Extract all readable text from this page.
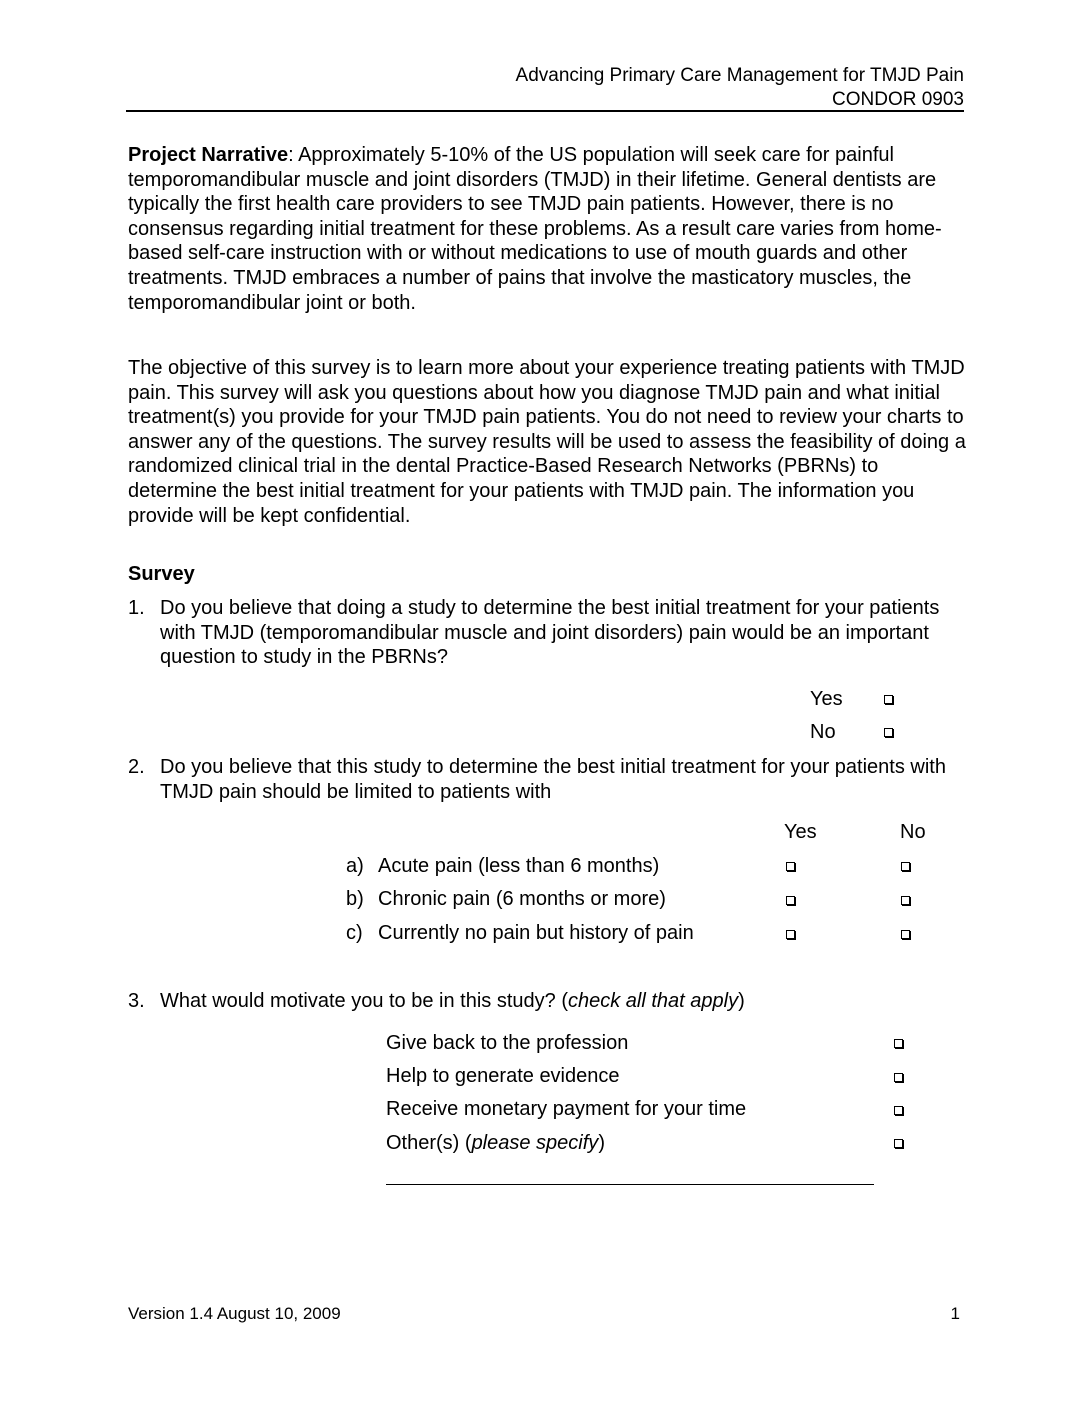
Advancing Primary Care Management for TMJD Pain
CONDOR 0903

Project Narrative: Approximately 5-10% of the US population will seek care for painful temporomandibular muscle and joint disorders (TMJD) in their lifetime. General dentists are typically the first health care providers to see TMJD pain patients. However, there is no consensus regarding initial treatment for these problems. As a result care varies from home-based self-care instruction with or without medications to use of mouth guards and other treatments. TMJD embraces a number of pains that involve the masticatory muscles, the temporomandibular joint or both.

The objective of this survey is to learn more about your experience treating patients with TMJD pain. This survey will ask you questions about how you diagnose TMJD pain and what initial treatment(s) you provide for your TMJD pain patients. You do not need to review your charts to answer any of the questions. The survey results will be used to assess the feasibility of doing a randomized clinical trial in the dental Practice-Based Research Networks (PBRNs) to determine the best initial treatment for your patients with TMJD pain. The information you provide will be kept confidential.

Survey
1. Do you believe that doing a study to determine the best initial treatment for your patients with TMJD (temporomandibular muscle and joint disorders) pain would be an important question to study in the PBRNs?

Yes
No
2. Do you believe that this study to determine the best initial treatment for your patients with TMJD pain should be limited to patients with

Yes	No
a) Acute pain (less than 6 months)
b) Chronic pain (6 months or more)
c) Currently no pain but history of pain
3. What would motivate you to be in this study? (check all that apply)
Give back to the profession
Help to generate evidence
Receive monetary payment for your time
Other(s) (please specify)
Version 1.4 August 10, 2009	1
